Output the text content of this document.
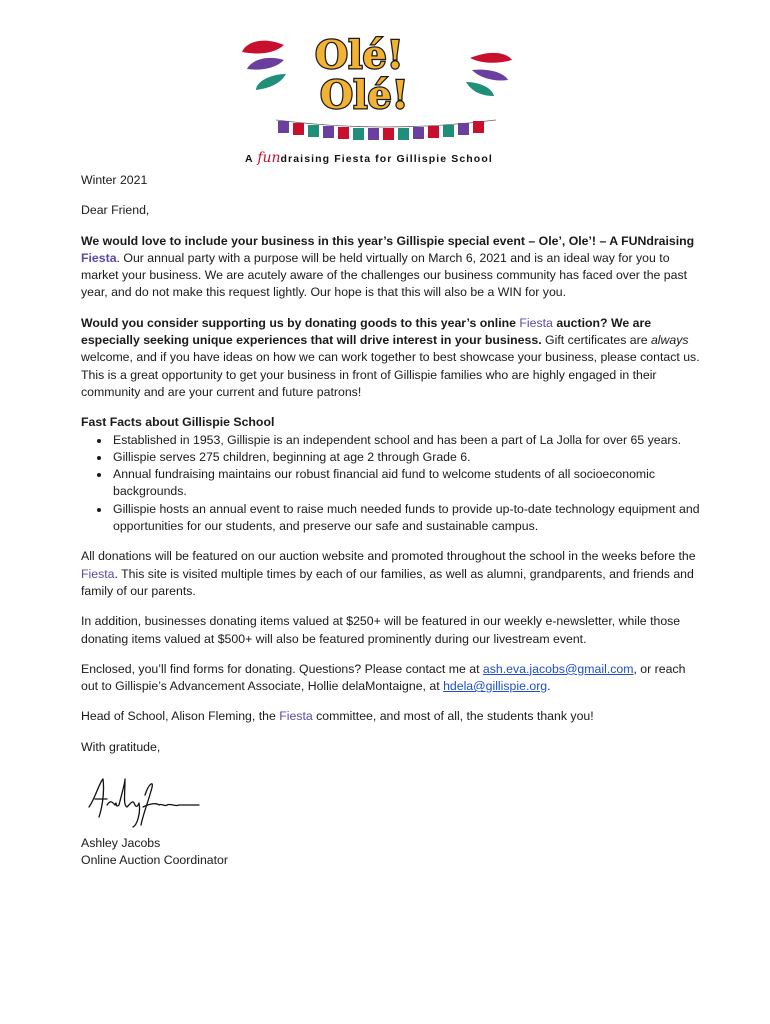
Olé!
Olé!
A fundraising Fiesta for Gillispie School

Winter 2021

Dear Friend,

We would love to include your business in this year’s Gillispie special event – Ole’, Ole’! – A FUNdraising Fiesta. Our annual party with a purpose will be held virtually on March 6, 2021 and is an ideal way for you to market your business. We are acutely aware of the challenges our business community has faced over the past year, and do not make this request lightly. Our hope is that this will also be a WIN for you.

Would you consider supporting us by donating goods to this year’s online Fiesta auction? We are especially seeking unique experiences that will drive interest in your business. Gift certificates are always welcome, and if you have ideas on how we can work together to best showcase your business, please contact us. This is a great opportunity to get your business in front of Gillispie families who are highly engaged in their community and are your current and future patrons!

Fast Facts about Gillispie School
• Established in 1953, Gillispie is an independent school and has been a part of La Jolla for over 65 years.
• Gillispie serves 275 children, beginning at age 2 through Grade 6.
• Annual fundraising maintains our robust financial aid fund to welcome students of all socioeconomic backgrounds.
• Gillispie hosts an annual event to raise much needed funds to provide up-to-date technology equipment and opportunities for our students, and preserve our safe and sustainable campus.

All donations will be featured on our auction website and promoted throughout the school in the weeks before the Fiesta. This site is visited multiple times by each of our families, as well as alumni, grandparents, and friends and family of our parents.

In addition, businesses donating items valued at $250+ will be featured in our weekly e-newsletter, while those donating items valued at $500+ will also be featured prominently during our livestream event.

Enclosed, you’ll find forms for donating. Questions? Please contact me at ash.eva.jacobs@gmail.com, or reach out to Gillispie’s Advancement Associate, Hollie delaMontaigne, at hdela@gillispie.org.

Head of School, Alison Fleming, the Fiesta committee, and most of all, the students thank you!

With gratitude,

Ashley Jacobs
Online Auction Coordinator
